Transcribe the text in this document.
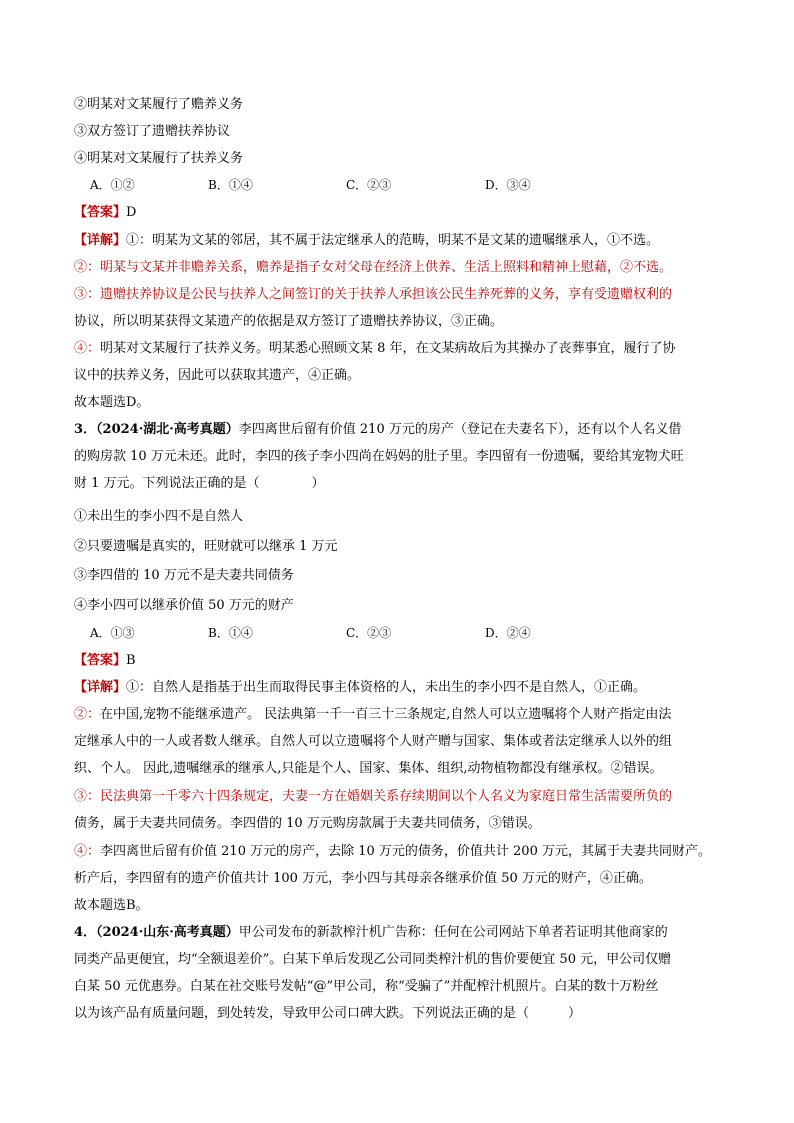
②明某对文某履行了赡养义务
③双方签订了遗赠扶养协议
④明某对文某履行了扶养义务
A．①②	B．①④	C．②③	D．③④
【答案】D
【详解】①：明某为文某的邻居，其不属于法定继承人的范畴，明某不是文某的遗嘱继承人，①不选。
②：明某与文某并非赡养关系，赡养是指子女对父母在经济上供养、生活上照料和精神上慰藉，②不选。
③：遗赠扶养协议是公民与扶养人之间签订的关于扶养人承担该公民生养死葬的义务，享有受遗赠权利的
协议，所以明某获得文某遗产的依据是双方签订了遗赠扶养协议，③正确。
④：明某对文某履行了扶养义务。明某悉心照顾文某 8 年，在文某病故后为其操办了丧葬事宜，履行了协
议中的扶养义务，因此可以获取其遗产，④正确。
故本题选D。
3．（2024·湖北·高考真题）李四离世后留有价值 210 万元的房产（登记在夫妻名下），还有以个人名义借
的购房款 10 万元未还。此时，李四的孩子李小四尚在妈妈的肚子里。李四留有一份遗嘱，要给其宠物犬旺
财 1 万元。下列说法正确的是（　　　　）
①未出生的李小四不是自然人
②只要遗嘱是真实的，旺财就可以继承 1 万元
③李四借的 10 万元不是夫妻共同债务
④李小四可以继承价值 50 万元的财产
A．①③	B．①④	C．②③	D．②④
【答案】B
【详解】①：自然人是指基于出生而取得民事主体资格的人，未出生的李小四不是自然人，①正确。
②：在中国,宠物不能继承遗产。 民法典第一千一百三十三条规定,自然人可以立遗嘱将个人财产指定由法
定继承人中的一人或者数人继承。自然人可以立遗嘱将个人财产赠与国家、集体或者法定继承人以外的组
织、个人。 因此,遗嘱继承的继承人,只能是个人、国家、集体、组织,动物植物都没有继承权。②错误。
③：民法典第一千零六十四条规定，夫妻一方在婚姻关系存续期间以个人名义为家庭日常生活需要所负的
债务，属于夫妻共同债务。李四借的 10 万元购房款属于夫妻共同债务，③错误。
④：李四离世后留有价值 210 万元的房产，去除 10 万元的债务，价值共计 200 万元，其属于夫妻共同财产。
析产后，李四留有的遗产价值共计 100 万元，李小四与其母亲各继承价值 50 万元的财产，④正确。
故本题选B。
4．（2024·山东·高考真题）甲公司发布的新款榨汁机广告称：任何在公司网站下单者若证明其他商家的
同类产品更便宜，均“全额退差价”。白某下单后发现乙公司同类榨汁机的售价要便宜 50 元，甲公司仅赠
白某 50 元优惠券。白某在社交账号发帖“@”甲公司，称“受骗了”并配榨汁机照片。白某的数十万粉丝
以为该产品有质量问题，到处转发，导致甲公司口碑大跌。下列说法正确的是（　　　）
